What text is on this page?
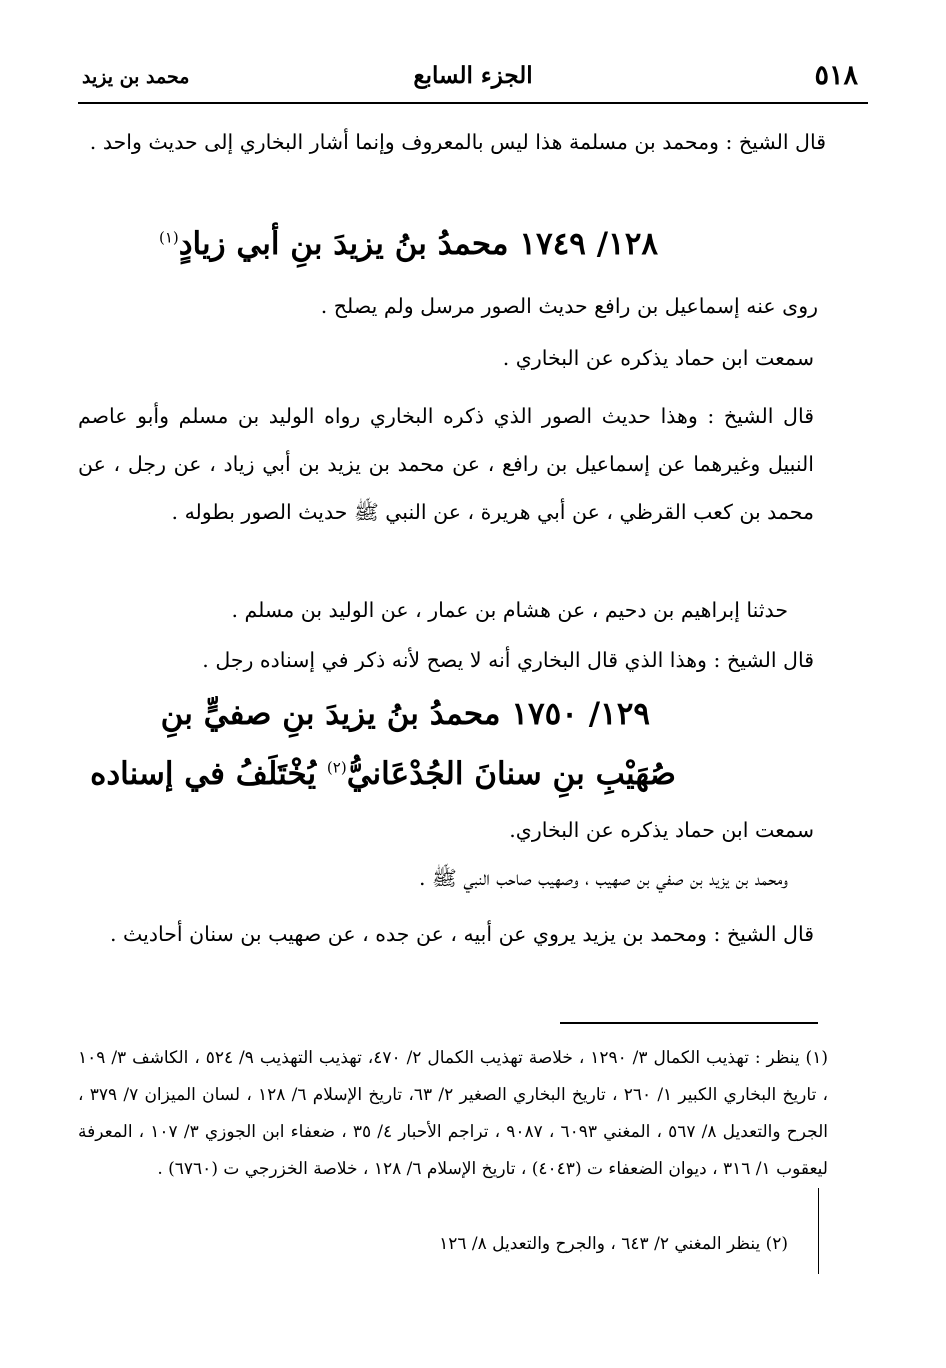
٥١٨
الجزء السابع
محمد بن يزيد
قال الشيخ : ومحمد بن مسلمة هذا ليس بالمعروف وإنما أشار البخاري إلى حديث واحد .
١٢٨/ ١٧٤٩ محمدُ بنُ يزيدَ بنِ أبي زيادٍ$^{(١)}$
روى عنه إسماعيل بن رافع حديث الصور مرسل ولم يصلح .
سمعت ابن حماد يذكره عن البخاري .
قال الشيخ : وهذا حديث الصور الذي ذكره البخاري رواه الوليد بن مسلم وأبو عاصم النبيل وغيرهما عن إسماعيل بن رافع ، عن محمد بن يزيد بن أبي زياد ، عن رجل ، عن محمد بن كعب القرظي ، عن أبي هريرة ، عن النبي ﷺ حديث الصور بطوله .
حدثنا إبراهيم بن دحيم ، عن هشام بن عمار ، عن الوليد بن مسلم .
قال الشيخ : وهذا الذي قال البخاري أنه لا يصح لأنه ذكر في إسناده رجل .
١٢٩/ ١٧٥٠ محمدُ بنُ يزيدَ بنِ صفيٍّ بنِ
صُهَيْبِ بنِ سنانَ الجُدْعَانيُّ$^{(٢)}$ يُخْتَلَفُ في إسناده
سمعت ابن حماد يذكره عن البخاري.
ومحمد بن يزيد بن صفي بن صهيب ، وصهيب صاحب النبي ﷺ .
قال الشيخ : ومحمد بن يزيد يروي عن أبيه ، عن جده ، عن صهيب بن سنان أحاديث .
(١) ينظر : تهذيب الكمال ٣/ ١٢٩٠ ، خلاصة تهذيب الكمال ٢/ ٤٧٠، تهذيب التهذيب ٩/ ٥٢٤ ، الكاشف ٣/ ١٠٩ ، تاريخ البخاري الكبير ١/ ٢٦٠ ، تاريخ البخاري الصغير ٢/ ٦٣، تاريخ الإسلام ٦/ ١٢٨ ، لسان الميزان ٧/ ٣٧٩ ، الجرح والتعديل ٨/ ٥٦٧ ، المغني ٦٠٩٣ ، ٩٠٨٧ ، تراجم الأحبار ٤/ ٣٥ ، ضعفاء ابن الجوزي ٣/ ١٠٧ ، المعرفة ليعقوب ١/ ٣١٦ ، ديوان الضعفاء ت (٤٠٤٣) ، تاريخ الإسلام ٦/ ١٢٨ ، خلاصة الخزرجي ت (٦٧٦٠) .
(٢) ينظر المغني ٢/ ٦٤٣ ، والجرح والتعديل ٨/ ١٢٦
